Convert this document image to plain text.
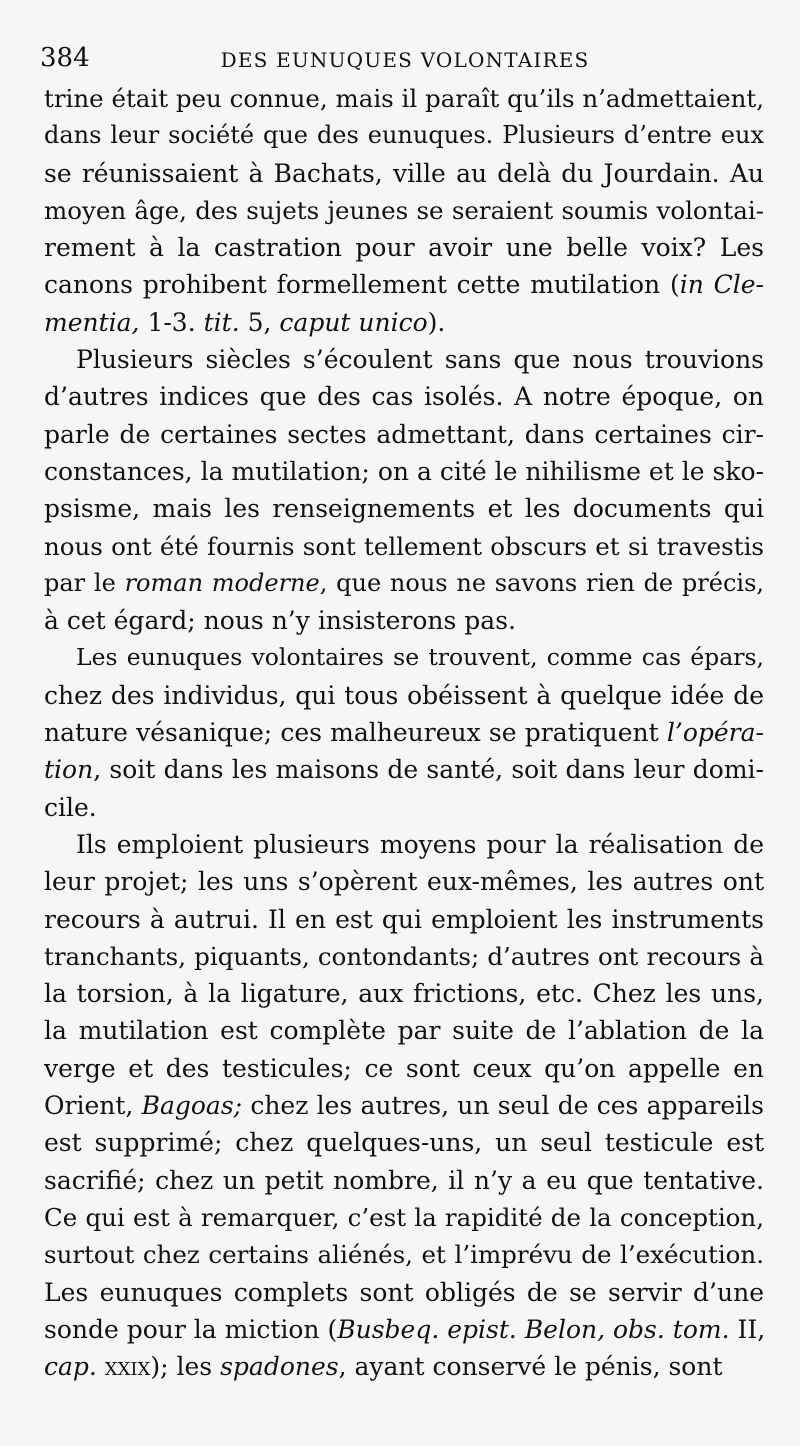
384	DES EUNUQUES VOLONTAIRES
trine était peu connue, mais il paraît qu’ils n’admettaient,
dans leur société que des eunuques. Plusieurs d’entre eux
se réunissaient à Bachats, ville au delà du Jourdain. Au
moyen âge, des sujets jeunes se seraient soumis volontai-
rement à la castration pour avoir une belle voix? Les
canons prohibent formellement cette mutilation (in Cle-
mentia, 1-3. tit. 5, caput unico).
Plusieurs siècles s’écoulent sans que nous trouvions
d’autres indices que des cas isolés. A notre époque, on
parle de certaines sectes admettant, dans certaines cir-
constances, la mutilation; on a cité le nihilisme et le sko-
psisme, mais les renseignements et les documents qui
nous ont été fournis sont tellement obscurs et si travestis
par le roman moderne, que nous ne savons rien de précis,
à cet égard; nous n’y insisterons pas.
Les eunuques volontaires se trouvent, comme cas épars,
chez des individus, qui tous obéissent à quelque idée de
nature vésanique; ces malheureux se pratiquent l’opéra-
tion, soit dans les maisons de santé, soit dans leur domi-
cile.
Ils emploient plusieurs moyens pour la réalisation de
leur projet; les uns s’opèrent eux-mêmes, les autres ont
recours à autrui. Il en est qui emploient les instruments
tranchants, piquants, contondants; d’autres ont recours à
la torsion, à la ligature, aux frictions, etc. Chez les uns,
la mutilation est complète par suite de l’ablation de la
verge et des testicules; ce sont ceux qu’on appelle en
Orient, Bagoas; chez les autres, un seul de ces appareils
est supprimé; chez quelques-uns, un seul testicule est
sacrifié; chez un petit nombre, il n’y a eu que tentative.
Ce qui est à remarquer, c’est la rapidité de la conception,
surtout chez certains aliénés, et l’imprévu de l’exécution.
Les eunuques complets sont obligés de se servir d’une
sonde pour la miction (Busbeq. epist. Belon, obs. tom. II,
cap. xxix); les spadones, ayant conservé le pénis, sont
